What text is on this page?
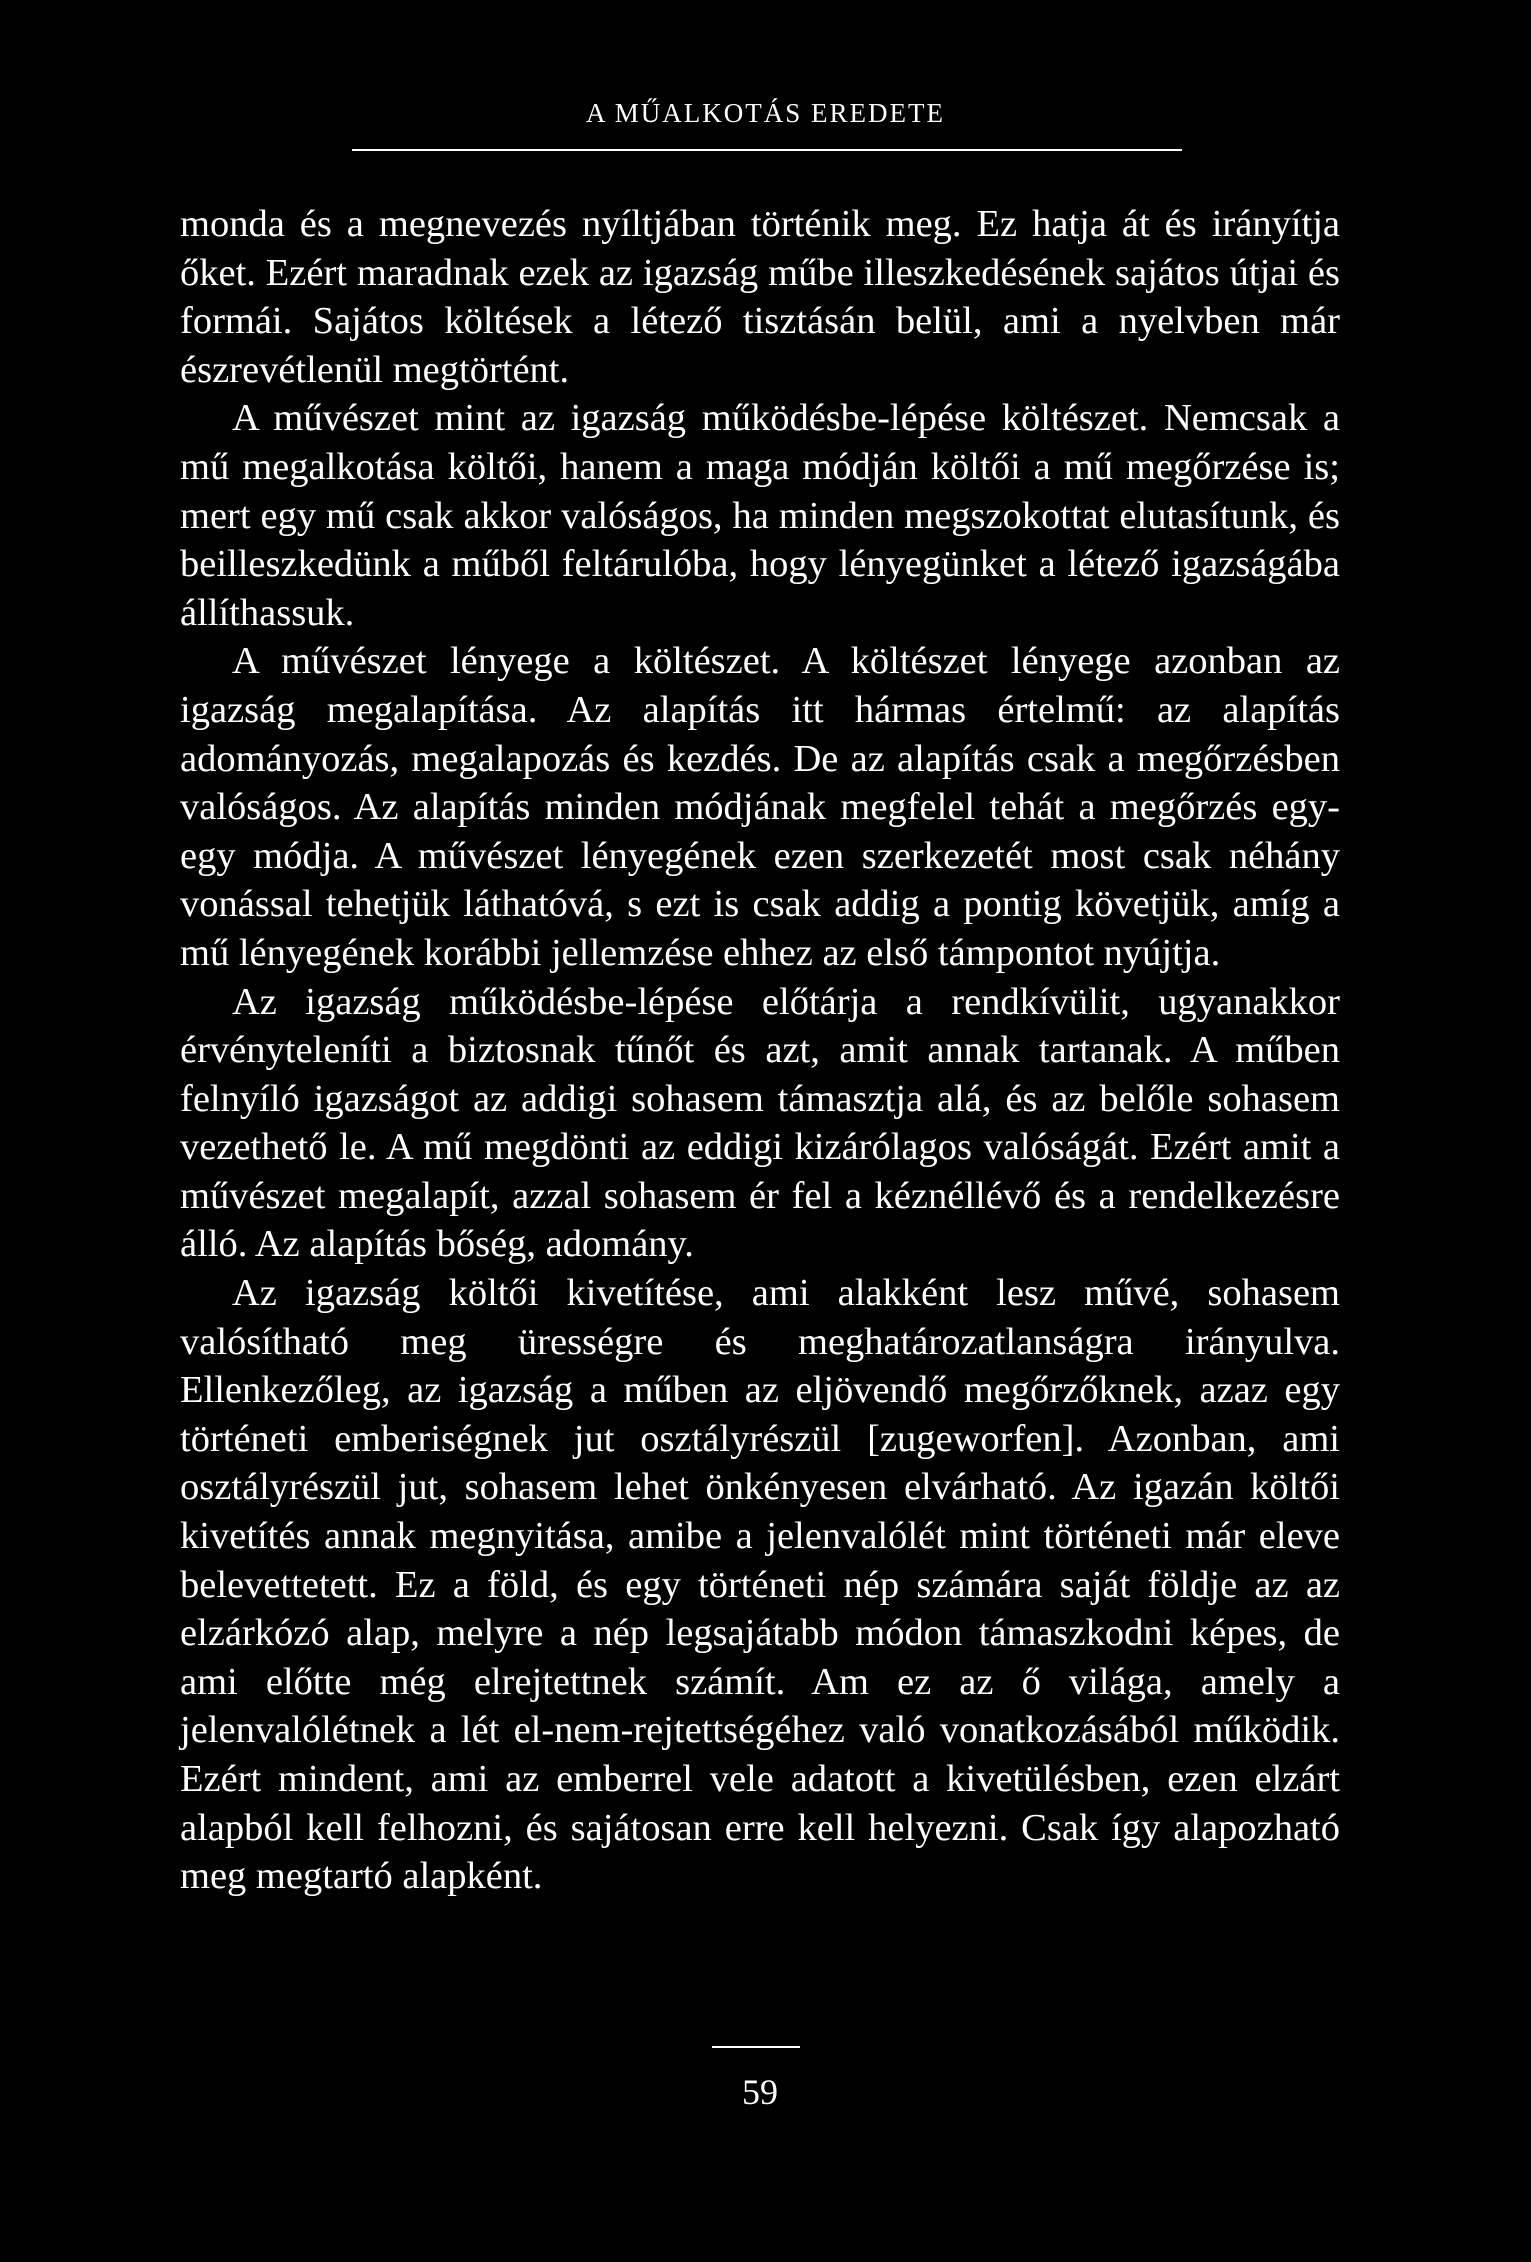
A MŰALKOTÁS EREDETE

monda és a megnevezés nyíltjában történik meg. Ez hatja át és irányítja őket. Ezért maradnak ezek az igazság műbe illeszkedésének sajátos útjai és formái. Sajátos költések a létező tisztásán belül, ami a nyelvben már észrevétlenül megtörtént.

A művészet mint az igazság működésbe-lépése költészet. Nemcsak a mű megalkotása költői, hanem a maga módján költői a mű megőrzése is; mert egy mű csak akkor valóságos, ha minden megszokottat elutasítunk, és beilleszkedünk a műből feltárulóba, hogy lényegünket a létező igazságába állíthassuk.

A művészet lényege a költészet. A költészet lényege azonban az igazság megalapítása. Az alapítás itt hármas értelmű: az alapítás adományozás, megalapozás és kezdés. De az alapítás csak a megőrzésben valóságos. Az alapítás minden módjának megfelel tehát a megőrzés egy-egy módja. A művészet lényegének ezen szerkezetét most csak néhány vonással tehetjük láthatóvá, s ezt is csak addig a pontig követjük, amíg a mű lényegének korábbi jellemzése ehhez az első támpontot nyújtja.

Az igazság működésbe-lépése előtárja a rendkívülit, ugyanakkor érvényteleníti a biztosnak tűnőt és azt, amit annak tartanak. A műben felnyíló igazságot az addigi sohasem támasztja alá, és az belőle sohasem vezethető le. A mű megdönti az eddigi kizárólagos valóságát. Ezért amit a művészet megalapít, azzal sohasem ér fel a kéznéllévő és a rendelkezésre álló. Az alapítás bőség, adomány.

Az igazság költői kivetítése, ami alakként lesz művé, sohasem valósítható meg ürességre és meghatározatlanságra irányulva. Ellenkezőleg, az igazság a műben az eljövendő megőrzőknek, azaz egy történeti emberiségnek jut osztályrészül [zugeworfen]. Azonban, ami osztályrészül jut, sohasem lehet önkényesen elvárható. Az igazán költői kivetítés annak megnyitása, amibe a jelenvalólét mint történeti már eleve belevettetett. Ez a föld, és egy történeti nép számára saját földje az az elzárkózó alap, melyre a nép legsajátabb módon támaszkodni képes, de ami előtte még elrejtettnek számít. Am ez az ő világa, amely a jelenvalólétnek a lét el-nem-rejtettségéhez való vonatkozásából működik. Ezért mindent, ami az emberrel vele adatott a kivetülésben, ezen elzárt alapból kell felhozni, és sajátosan erre kell helyezni. Csak így alapozható meg megtartó alapként.

59
